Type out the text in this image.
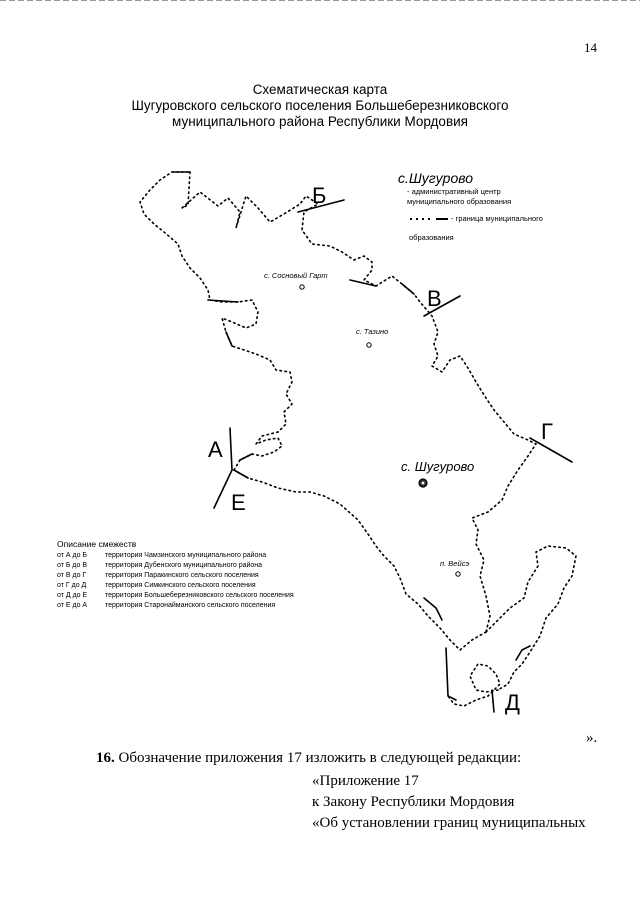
14
Схематическая карта
Шугуровского сельского поселения Большеберезниковского
муниципального района Республики Мордовия
с.Шугурово
- административный центр
муниципального образования
- граница муниципального
образования
с. Сосновый Гарт
с. Тазино
с. Шугурово
п. Вейсэ
А
Б
В
Г
Д
Е
Описание смежеств
от А до Б	территория Чамзинского муниципального района
от Б до В	территория Дубенского муниципального района
от В до Г	территория Паракинского сельского поселения
от Г до Д	территория Симкинского сельского поселения
от Д до Е	территория Большеберезниковского сельского поселения
от Е до А	территория Старонайманского сельского поселения
».
16. Обозначение приложения 17 изложить в следующей редакции:
«Приложение 17
к Закону Республики Мордовия
«Об установлении границ муниципальных
